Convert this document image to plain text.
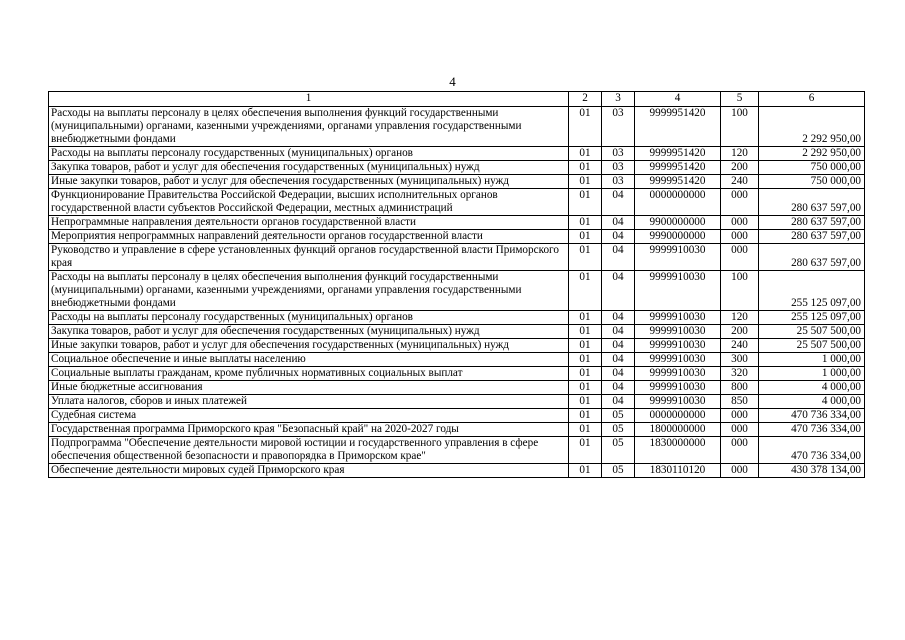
4
1	2	3	4	5	6
Расходы на выплаты персоналу в целях обеспечения выполнения функций государственными (муниципальными) органами, казенными учреждениями, органами управления государственными внебюджетными фондами	01	03	9999951420	100	2 292 950,00
Расходы на выплаты персоналу государственных (муниципальных) органов	01	03	9999951420	120	2 292 950,00
Закупка товаров, работ и услуг для обеспечения государственных (муниципальных) нужд	01	03	9999951420	200	750 000,00
Иные закупки товаров, работ и услуг для обеспечения государственных (муниципальных) нужд	01	03	9999951420	240	750 000,00
Функционирование Правительства Российской Федерации, высших исполнительных органов государственной власти субъектов Российской Федерации, местных администраций	01	04	0000000000	000	280 637 597,00
Непрограммные направления деятельности органов государственной власти	01	04	9900000000	000	280 637 597,00
Мероприятия непрограммных направлений деятельности органов государственной власти	01	04	9990000000	000	280 637 597,00
Руководство и управление в сфере установленных функций органов государственной власти Приморского края	01	04	9999910030	000	280 637 597,00
Расходы на выплаты персоналу в целях обеспечения выполнения функций государственными (муниципальными) органами, казенными учреждениями, органами управления государственными внебюджетными фондами	01	04	9999910030	100	255 125 097,00
Расходы на выплаты персоналу государственных (муниципальных) органов	01	04	9999910030	120	255 125 097,00
Закупка товаров, работ и услуг для обеспечения государственных (муниципальных) нужд	01	04	9999910030	200	25 507 500,00
Иные закупки товаров, работ и услуг для обеспечения государственных (муниципальных) нужд	01	04	9999910030	240	25 507 500,00
Социальное обеспечение и иные выплаты населению	01	04	9999910030	300	1 000,00
Социальные выплаты гражданам, кроме публичных нормативных социальных выплат	01	04	9999910030	320	1 000,00
Иные бюджетные ассигнования	01	04	9999910030	800	4 000,00
Уплата налогов, сборов и иных платежей	01	04	9999910030	850	4 000,00
Судебная система	01	05	0000000000	000	470 736 334,00
Государственная программа Приморского края "Безопасный край" на 2020-2027 годы	01	05	1800000000	000	470 736 334,00
Подпрограмма "Обеспечение деятельности мировой юстиции и государственного управления в сфере обеспечения общественной безопасности и правопорядка в Приморском крае"	01	05	1830000000	000	470 736 334,00
Обеспечение деятельности мировых судей Приморского края	01	05	1830110120	000	430 378 134,00
